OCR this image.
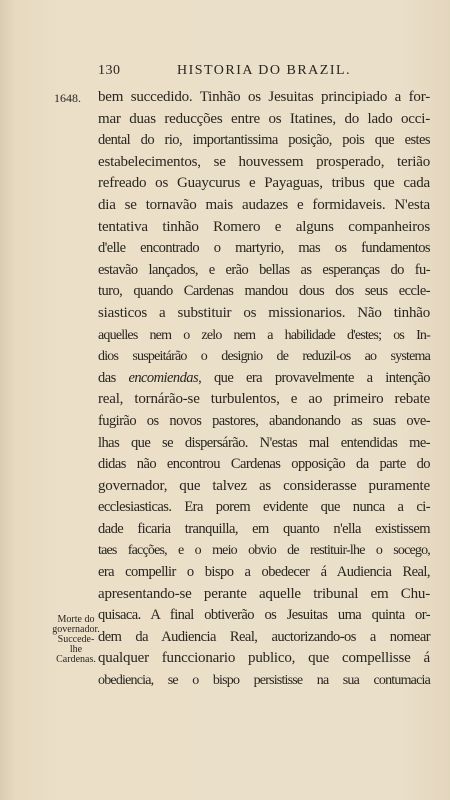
130	HISTORIA DO BRAZIL.
1648.
Morte do
governador.
Succede-lhe
Cardenas.
bem succedido. Tinhão os Jesuitas principiado a for-
mar duas reducções entre os Itatines, do lado occi-
dental do rio, importantissima posição, pois que estes
estabelecimentos, se houvessem prosperado, terião
refreado os Guaycurus e Payaguas, tribus que cada
dia se tornavão mais audazes e formidaveis. N'esta
tentativa tinhão Romero e alguns companheiros
d'elle encontrado o martyrio, mas os fundamentos
estavão lançados, e erão bellas as esperanças do fu-
turo, quando Cardenas mandou dous dos seus eccle-
siasticos a substituir os missionarios. Não tinhão
aquelles nem o zelo nem a habilidade d'estes; os In-
dios suspeitárão o designio de reduzil-os ao systema
das encomiendas, que era provavelmente a intenção
real, tornárão-se turbulentos, e ao primeiro rebate
fugirão os novos pastores, abandonando as suas ove-
lhas que se dispersárão. N'estas mal entendidas me-
didas não encontrou Cardenas opposição da parte do
governador, que talvez as considerasse puramente
ecclesiasticas. Era porem evidente que nunca a ci-
dade ficaria tranquilla, em quanto n'ella existissem
taes facções, e o meio obvio de restituir-lhe o socego,
era compellir o bispo a obedecer á Audiencia Real,
apresentando-se perante aquelle tribunal em Chu-
quisaca. A final obtiverão os Jesuitas uma quinta or-
dem da Audiencia Real, auctorizando-os a nomear
qualquer funccionario publico, que compellisse á
obediencia, se o bispo persistisse na sua contumacia
